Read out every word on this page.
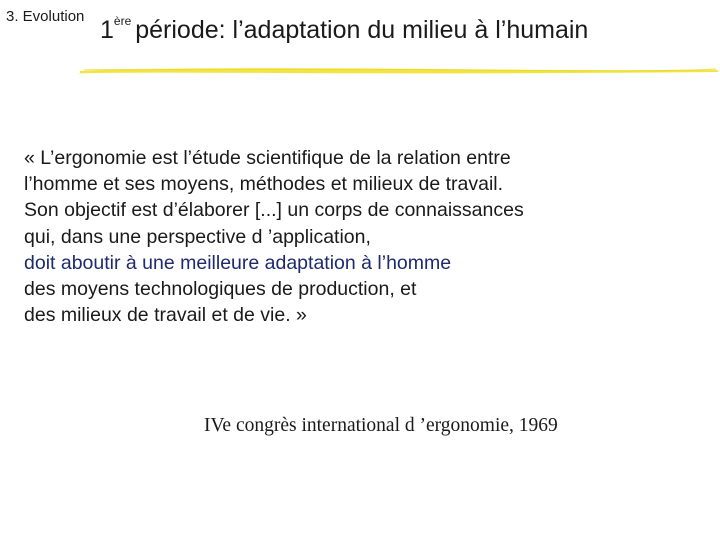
3. Evolution 1ère période: l’adaptation du milieu à l’humain
« L’ergonomie est l’étude scientifique de la relation entre
l’homme et ses moyens, méthodes et milieux de travail.
Son objectif est d’élaborer [...] un corps de connaissances
qui, dans une perspective d ’application,
doit aboutir à une meilleure adaptation à l’homme
des moyens technologiques de production, et
des milieux de travail et de vie. »
IVe congrès international d ’ergonomie, 1969
